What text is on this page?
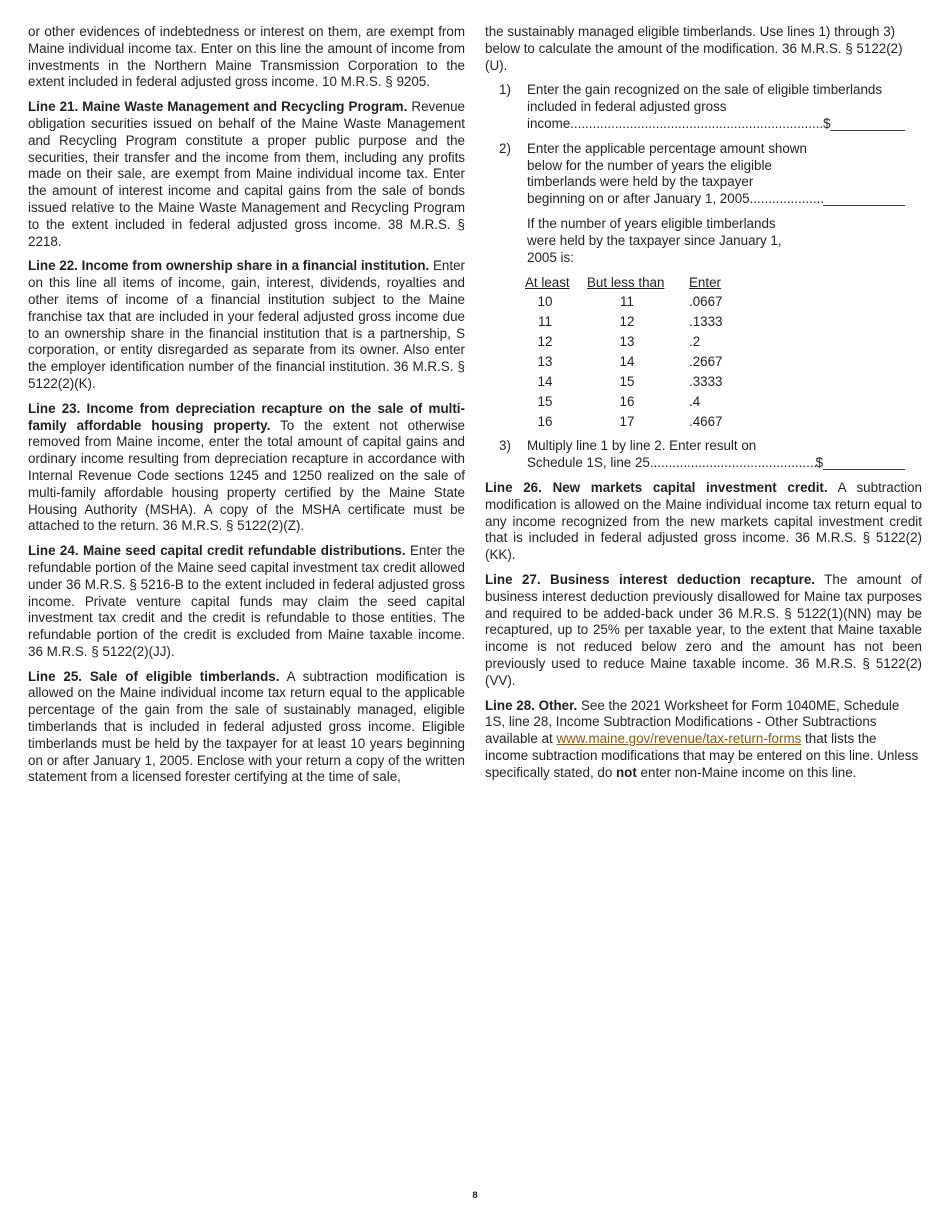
or other evidences of indebtedness or interest on them, are exempt from Maine individual income tax. Enter on this line the amount of income from investments in the Northern Maine Transmission Corporation to the extent included in federal adjusted gross income. 10 M.R.S. § 9205.

Line 21. Maine Waste Management and Recycling Program. Revenue obligation securities issued on behalf of the Maine Waste Management and Recycling Program constitute a proper public purpose and the securities, their transfer and the income from them, including any profits made on their sale, are exempt from Maine individual income tax. Enter the amount of interest income and capital gains from the sale of bonds issued relative to the Maine Waste Management and Recycling Program to the extent included in federal adjusted gross income. 38 M.R.S. § 2218.

Line 22. Income from ownership share in a financial institution. Enter on this line all items of income, gain, interest, dividends, royalties and other items of income of a financial institution subject to the Maine franchise tax that are included in your federal adjusted gross income due to an ownership share in the financial institution that is a partnership, S corporation, or entity disregarded as separate from its owner. Also enter the employer identification number of the financial institution. 36 M.R.S. § 5122(2)(K).

Line 23. Income from depreciation recapture on the sale of multi-family affordable housing property. To the extent not otherwise removed from Maine income, enter the total amount of capital gains and ordinary income resulting from depreciation recapture in accordance with Internal Revenue Code sections 1245 and 1250 realized on the sale of multi-family affordable housing property certified by the Maine State Housing Authority (MSHA). A copy of the MSHA certificate must be attached to the return. 36 M.R.S. § 5122(2)(Z).

Line 24. Maine seed capital credit refundable distributions. Enter the refundable portion of the Maine seed capital investment tax credit allowed under 36 M.R.S. § 5216-B to the extent included in federal adjusted gross income. Private venture capital funds may claim the seed capital investment tax credit and the credit is refundable to those entities. The refundable portion of the credit is excluded from Maine taxable income. 36 M.R.S. § 5122(2)(JJ).

Line 25. Sale of eligible timberlands. A subtraction modification is allowed on the Maine individual income tax return equal to the applicable percentage of the gain from the sale of sustainably managed, eligible timberlands that is included in federal adjusted gross income. Eligible timberlands must be held by the taxpayer for at least 10 years beginning on or after January 1, 2005. Enclose with your return a copy of the written statement from a licensed forester certifying at the time of sale,

the sustainably managed eligible timberlands. Use lines 1) through 3) below to calculate the amount of the modification. 36 M.R.S. § 5122(2)(U).

1)	Enter the gain recognized on the sale of eligible timberlands included in federal adjusted gross
income .....	$__________
2)	Enter the applicable percentage amount shown below for the number of years the eligible timberlands were held by the taxpayer
beginning on or after January 1, 2005. .....	___________
If the number of years eligible timberlands were held by the taxpayer since January 1, 2005 is:
At least	But less than	Enter
10	11	.0667
11	12	.1333
12	13	.2
13	14	.2667
14	15	.3333
15	16	.4
16	17	.4667
3)	Multiply line 1 by line 2. Enter result on
Schedule 1S, line 25. .....	$___________

Line 26. New markets capital investment credit. A subtraction modification is allowed on the Maine individual income tax return equal to any income recognized from the new markets capital investment credit that is included in federal adjusted gross income. 36 M.R.S. § 5122(2)(KK).

Line 27. Business interest deduction recapture. The amount of business interest deduction previously disallowed for Maine tax purposes and required to be added-back under 36 M.R.S. § 5122(1)(NN) may be recaptured, up to 25% per taxable year, to the extent that Maine taxable income is not reduced below zero and the amount has not been previously used to reduce Maine taxable income. 36 M.R.S. § 5122(2)(VV).

Line 28. Other. See the 2021 Worksheet for Form 1040ME, Schedule 1S, line 28, Income Subtraction Modifications - Other Subtractions available at www.maine.gov/revenue/tax-return-forms that lists the income subtraction modifications that may be entered on this line. Unless specifically stated, do not enter non-Maine income on this line.

8
